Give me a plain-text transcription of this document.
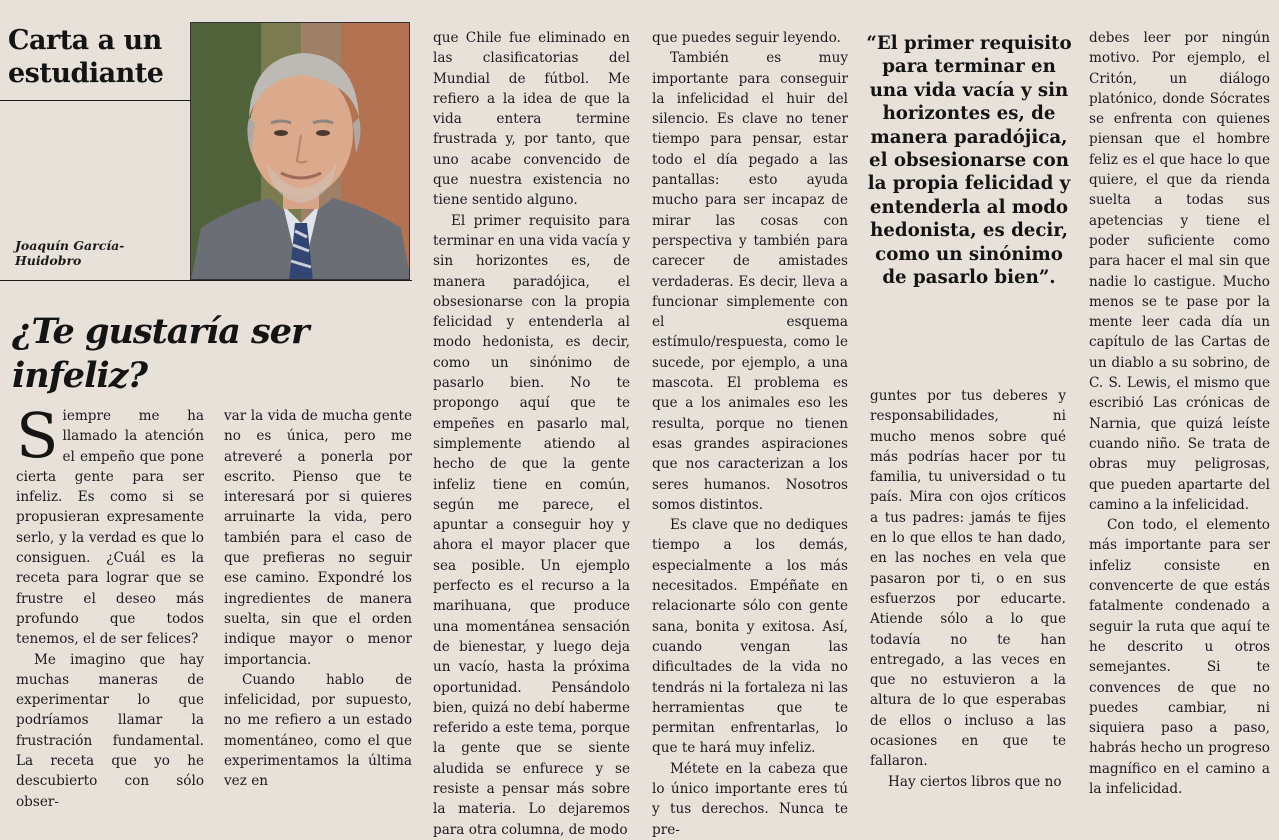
Carta a un estudiante
Joaquín García-Huidobro
¿Te gustaría ser infeliz?
S iempre me ha llamado la atención el empeño que pone cierta gente para ser infeliz. Es como si se propusieran expresamente serlo, y la verdad es que lo consiguen. ¿Cuál es la receta para lograr que se frustre el deseo más profundo que todos tenemos, el de ser felices?

Me imagino que hay muchas maneras de experimentar lo que podríamos llamar la frustración fundamental. La receta que yo he descubierto con sólo obser-

var la vida de mucha gente no es única, pero me atreveré a ponerla por escrito. Pienso que te interesará por si quieres arruinarte la vida, pero también para el caso de que prefieras no seguir ese camino. Expondré los ingredientes de manera suelta, sin que el orden indique mayor o menor importancia.

Cuando hablo de infelicidad, por supuesto, no me refiero a un estado momentáneo, como el que experimentamos la última vez en

que Chile fue eliminado en las clasificatorias del Mundial de fútbol. Me refiero a la idea de que la vida entera termine frustrada y, por tanto, que uno acabe convencido de que nuestra existencia no tiene sentido alguno.

El primer requisito para terminar en una vida vacía y sin horizontes es, de manera paradójica, el obsesionarse con la propia felicidad y entenderla al modo hedonista, es decir, como un sinónimo de pasarlo bien. No te propongo aquí que te empeñes en pasarlo mal, simplemente atiendo al hecho de que la gente infeliz tiene en común, según me parece, el apuntar a conseguir hoy y ahora el mayor placer que sea posible. Un ejemplo perfecto es el recurso a la marihuana, que produce una momentánea sensación de bienestar, y luego deja un vacío, hasta la próxima oportunidad. Pensándolo bien, quizá no debí haberme referido a este tema, porque la gente que se siente aludida se enfurece y se resiste a pensar más sobre la materia. Lo dejaremos para otra columna, de modo

que puedes seguir leyendo.

También es muy importante para conseguir la infelicidad el huir del silencio. Es clave no tener tiempo para pensar, estar todo el día pegado a las pantallas: esto ayuda mucho para ser incapaz de mirar las cosas con perspectiva y también para carecer de amistades verdaderas. Es decir, lleva a funcionar simplemente con el esquema estímulo/respuesta, como le sucede, por ejemplo, a una mascota. El problema es que a los animales eso les resulta, porque no tienen esas grandes aspiraciones que nos caracterizan a los seres humanos. Nosotros somos distintos.

Es clave que no dediques tiempo a los demás, especialmente a los más necesitados. Empéñate en relacionarte sólo con gente sana, bonita y exitosa. Así, cuando vengan las dificultades de la vida no tendrás ni la fortaleza ni las herramientas que te permitan enfrentarlas, lo que te hará muy infeliz.

Métete en la cabeza que lo único importante eres tú y tus derechos. Nunca te pre-

“El primer requisito para terminar en una vida vacía y sin horizontes es, de manera paradójica, el obsesionarse con la propia felicidad y entenderla al modo hedonista, es decir, como un sinónimo de pasarlo bien”.

guntes por tus deberes y responsabilidades, ni mucho menos sobre qué más podrías hacer por tu familia, tu universidad o tu país. Mira con ojos críticos a tus padres: jamás te fijes en lo que ellos te han dado, en las noches en vela que pasaron por ti, o en sus esfuerzos por educarte. Atiende sólo a lo que todavía no te han entregado, a las veces en que no estuvieron a la altura de lo que esperabas de ellos o incluso a las ocasiones en que te fallaron.

Hay ciertos libros que no

debes leer por ningún motivo. Por ejemplo, el Critón, un diálogo platónico, donde Sócrates se enfrenta con quienes piensan que el hombre feliz es el que hace lo que quiere, el que da rienda suelta a todas sus apetencias y tiene el poder suficiente como para hacer el mal sin que nadie lo castigue. Mucho menos se te pase por la mente leer cada día un capítulo de las Cartas de un diablo a su sobrino, de C. S. Lewis, el mismo que escribió Las crónicas de Narnia, que quizá leíste cuando niño. Se trata de obras muy peligrosas, que pueden apartarte del camino a la infelicidad.

Con todo, el elemento más importante para ser infeliz consiste en convencerte de que estás fatalmente condenado a seguir la ruta que aquí te he descrito u otros semejantes. Si te convences de que no puedes cambiar, ni siquiera paso a paso, habrás hecho un progreso magnífico en el camino a la infelicidad.
